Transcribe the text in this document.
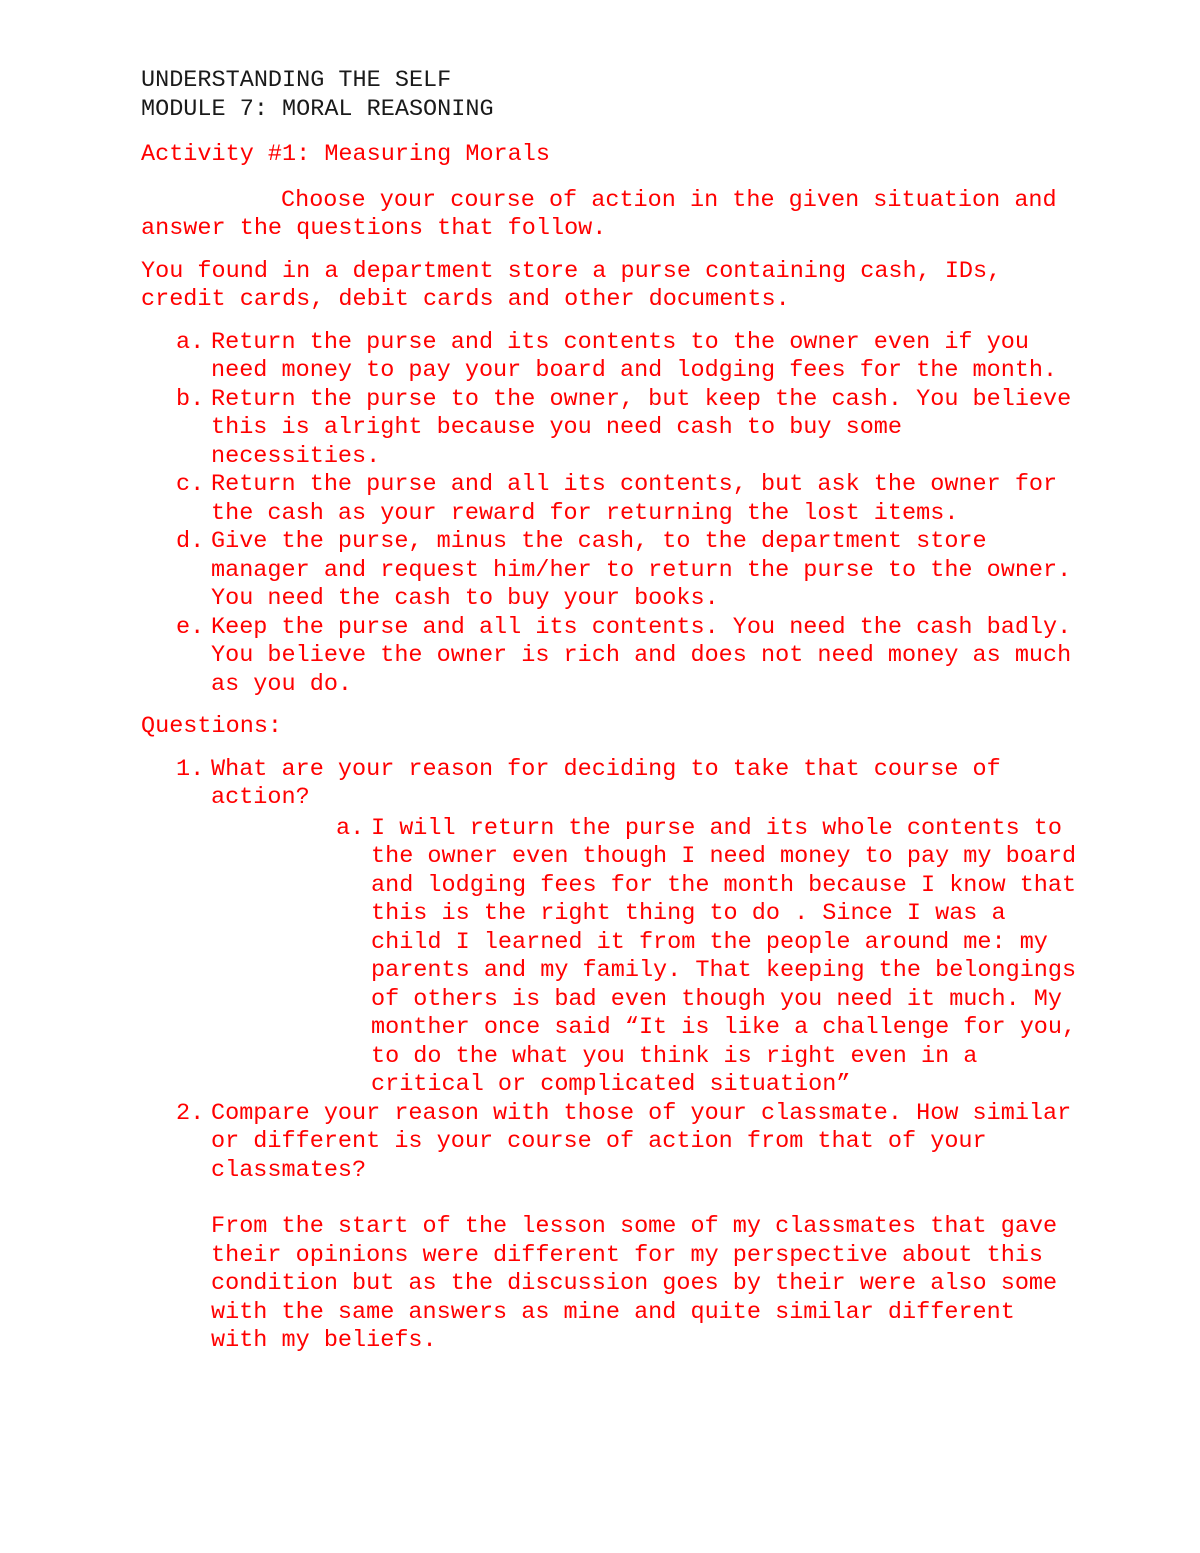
UNDERSTANDING THE SELF
MODULE 7: MORAL REASONING
Activity #1: Measuring Morals

Choose your course of action in the given situation and answer the questions that follow.

You found in a department store a purse containing cash, IDs, credit cards, debit cards and other documents.

a. Return the purse and its contents to the owner even if you need money to pay your board and lodging fees for the month.
b. Return the purse to the owner, but keep the cash. You believe this is alright because you need cash to buy some necessities.
c. Return the purse and all its contents, but ask the owner for the cash as your reward for returning the lost items.
d. Give the purse, minus the cash, to the department store manager and request him/her to return the purse to the owner. You need the cash to buy your books.
e. Keep the purse and all its contents. You need the cash badly. You believe the owner is rich and does not need money as much as you do.
Questions:
1. What are your reason for deciding to take that course of action?
a. I will return the purse and its whole contents to the owner even though I need money to pay my board and lodging fees for the month because I know that this is the right thing to do . Since I was a child I learned it from the people around me: my parents and my family. That keeping the belongings of others is bad even though you need it much. My monther once said “It is like a challenge for you, to do the what you think is right even in a critical or complicated situation”
2. Compare your reason with those of your classmate. How similar or different is your course of action from that of your classmates?
From the start of the lesson some of my classmates that gave their opinions were different for my perspective about this condition but as the discussion goes by their were also some with the same answers as mine and quite similar different with my beliefs.
